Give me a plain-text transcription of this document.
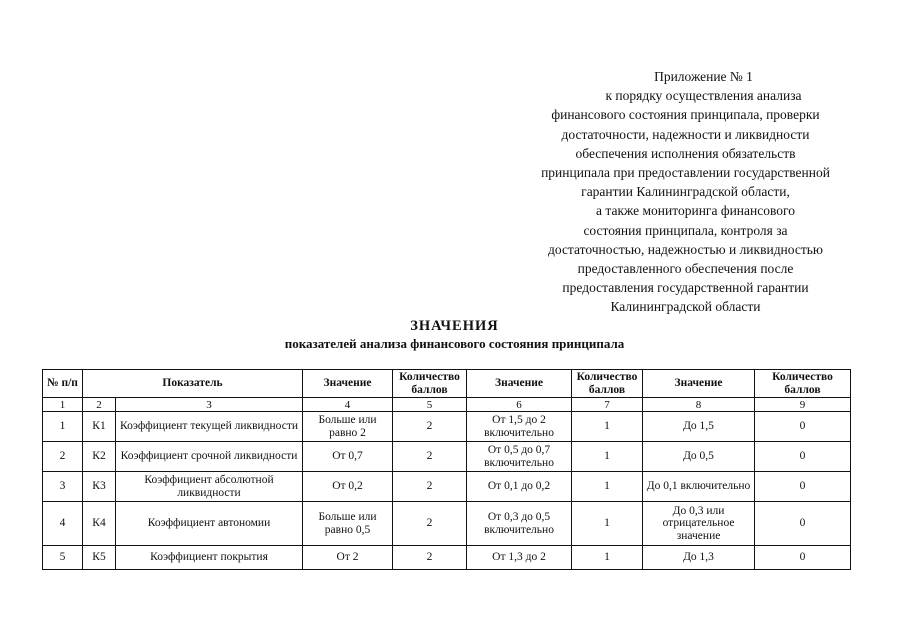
Приложение № 1
к порядку осуществления анализа
финансового состояния принципала, проверки
достаточности, надежности и ликвидности
обеспечения исполнения обязательств
принципала при предоставлении государственной
гарантии Калининградской области,
а также мониторинга финансового
состояния принципала, контроля за
достаточностью, надежностью и ликвидностью
предоставленного обеспечения после
предоставления государственной гарантии
Калининградской области
ЗНАЧЕНИЯ
показателей анализа финансового состояния принципала
№ п/п	Показатель		Значение	Количество баллов	Значение	Количество баллов	Значение	Количество баллов
1	2	3	4	5	6	7	8	9
1	К1	Коэффициент текущей ликвидности	Больше или равно 2	2	От 1,5 до 2 включительно	1	До 1,5	0
2	К2	Коэффициент срочной ликвидности	От 0,7	2	От 0,5 до 0,7 включительно	1	До 0,5	0
3	К3	Коэффициент абсолютной ликвидности	От 0,2	2	От 0,1 до 0,2	1	До 0,1 включительно	0
4	К4	Коэффициент автономии	Больше или равно 0,5	2	От 0,3 до 0,5 включительно	1	До 0,3 или отрицательное значение	0
5	К5	Коэффициент покрытия	От 2	2	От 1,3 до 2	1	До 1,3	0
